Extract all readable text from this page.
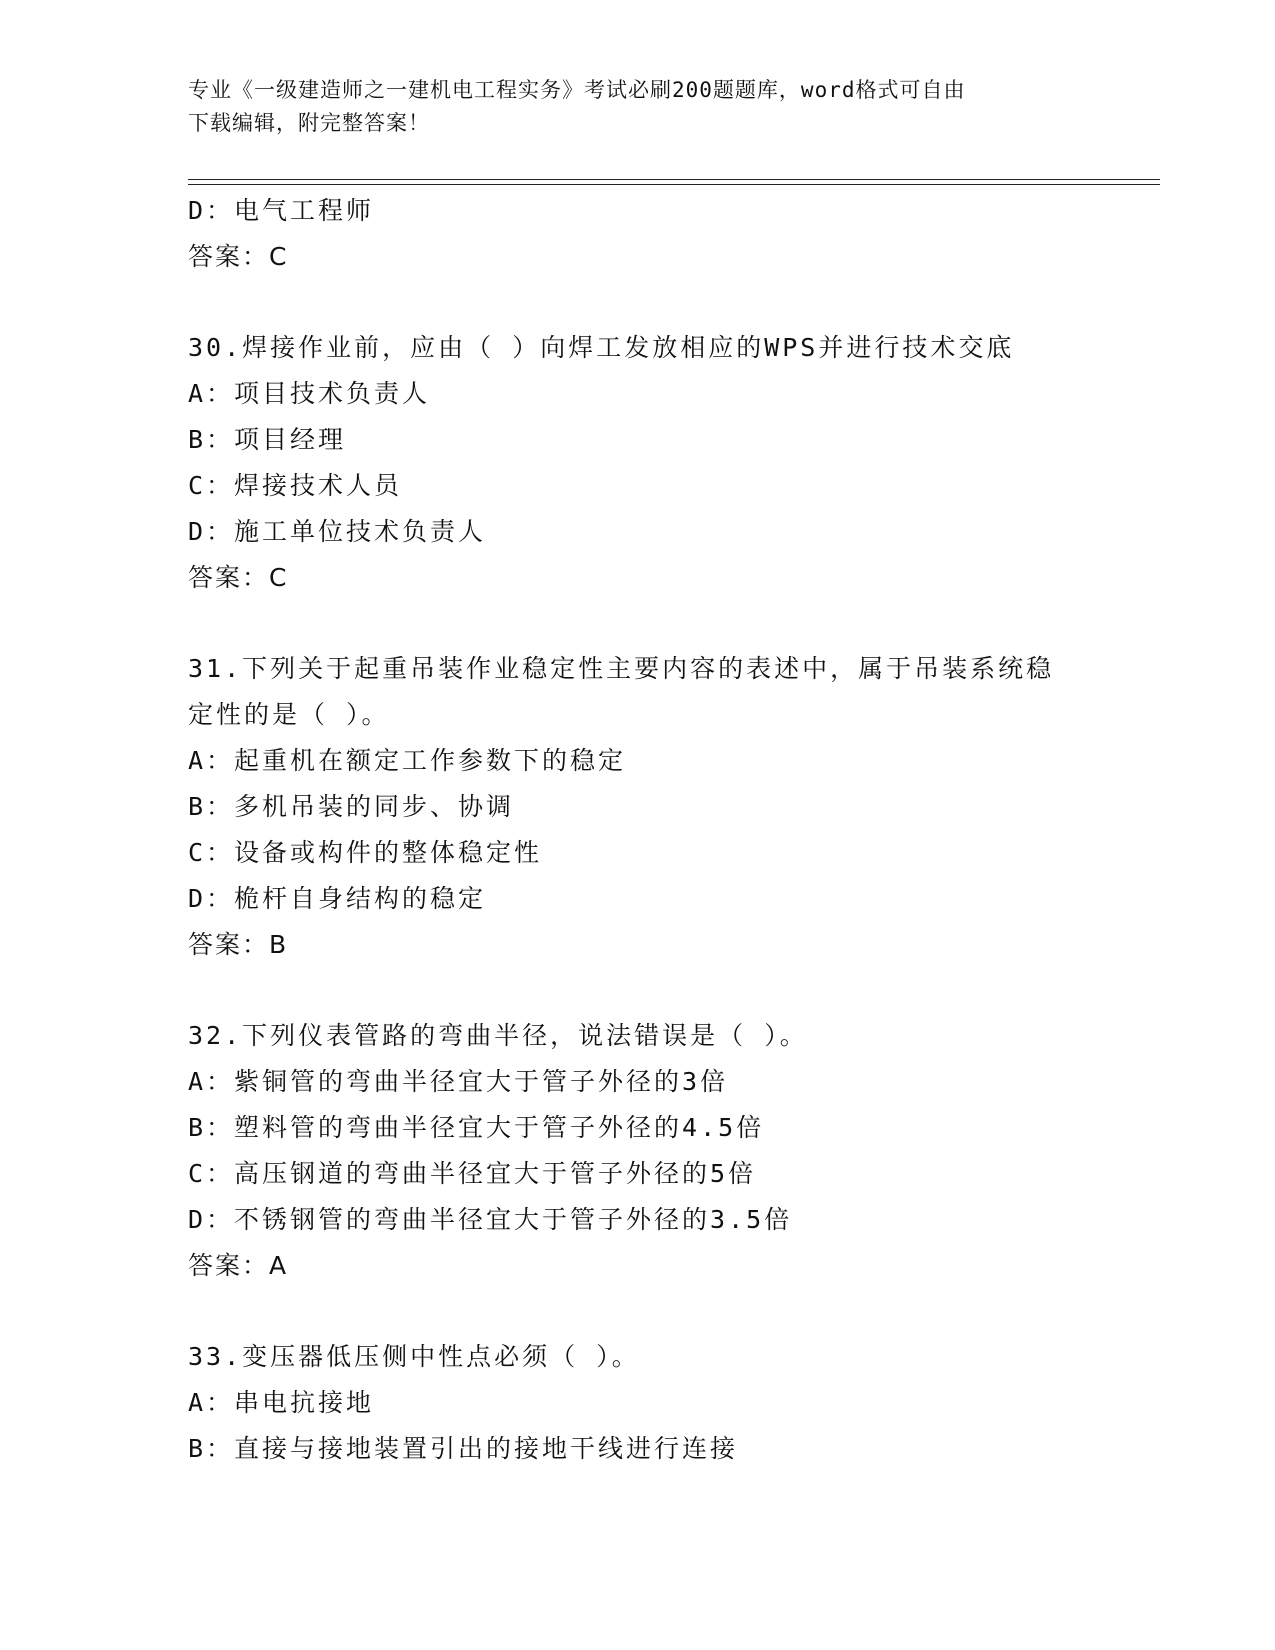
专业《一级建造师之一建机电工程实务》考试必刷200题题库，word格式可自由
下载编辑，附完整答案！
D：电气工程师
答案：C
30.焊接作业前，应由（ ）向焊工发放相应的WPS并进行技术交底
A：项目技术负责人
B：项目经理
C：焊接技术人员
D：施工单位技术负责人
答案：C
31.下列关于起重吊装作业稳定性主要内容的表述中，属于吊装系统稳
定性的是（ ）。
A：起重机在额定工作参数下的稳定
B：多机吊装的同步、协调
C：设备或构件的整体稳定性
D：桅杆自身结构的稳定
答案：B
32.下列仪表管路的弯曲半径，说法错误是（ ）。
A：紫铜管的弯曲半径宜大于管子外径的3倍
B：塑料管的弯曲半径宜大于管子外径的4.5倍
C：高压钢道的弯曲半径宜大于管子外径的5倍
D：不锈钢管的弯曲半径宜大于管子外径的3.5倍
答案：A
33.变压器低压侧中性点必须（ ）。
A：串电抗接地
B：直接与接地装置引出的接地干线进行连接
